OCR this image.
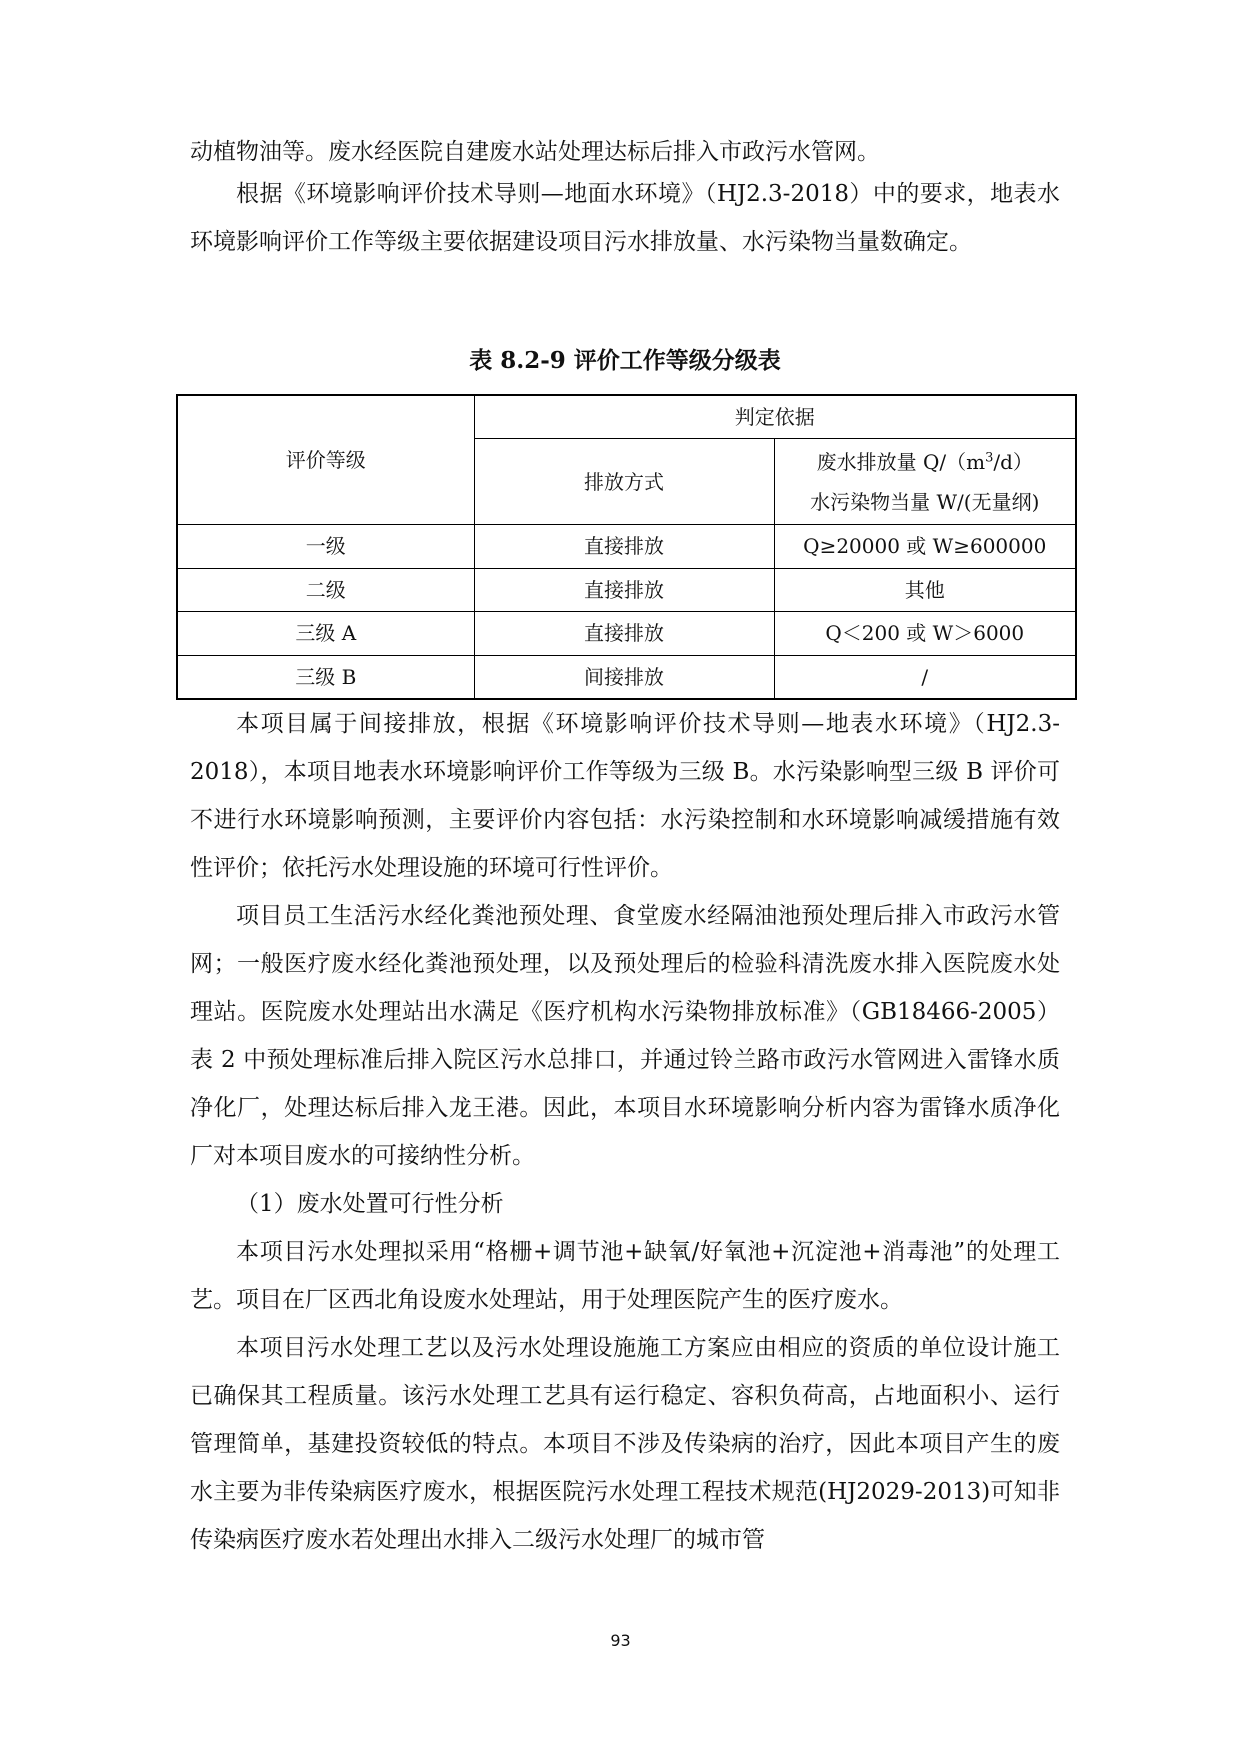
动植物油等。废水经医院自建废水站处理达标后排入市政污水管网。

根据《环境影响评价技术导则—地面水环境》（HJ2.3-2018）中的要求，地表水环境影响评价工作等级主要依据建设项目污水排放量、水污染物当量数确定。

表 8.2-9 评价工作等级分级表

评价等级	判定依据	
	排放方式	废水排放量 $Q/(m^3/d)$
水污染物当量 W/(无量纲)

一级	直接排放	Q≥20000 或 W≥600000
二级	直接排放	其他
三级 A	直接排放	Q＜200 或 W＞6000
三级 B	间接排放	/

本项目属于间接排放，根据《环境影响评价技术导则—地表水环境》（HJ2.3-2018），本项目地表水环境影响评价工作等级为三级 B。水污染影响型三级 B 评价可不进行水环境影响预测，主要评价内容包括：水污染控制和水环境影响减缓措施有效性评价；依托污水处理设施的环境可行性评价。

项目员工生活污水经化粪池预处理、食堂废水经隔油池预处理后排入市政污水管网；一般医疗废水经化粪池预处理，以及预处理后的检验科清洗废水排入医院废水处理站。医院废水处理站出水满足《医疗机构水污染物排放标准》（GB18466-2005）表 2 中预处理标准后排入院区污水总排口，并通过铃兰路市政污水管网进入雷锋水质净化厂，处理达标后排入龙王港。因此，本项目水环境影响分析内容为雷锋水质净化厂对本项目废水的可接纳性分析。

（1）废水处置可行性分析

本项目污水处理拟采用“格栅+调节池+缺氧/好氧池+沉淀池+消毒池”的处理工艺。项目在厂区西北角设废水处理站，用于处理医院产生的医疗废水。

本项目污水处理工艺以及污水处理设施施工方案应由相应的资质的单位设计施工已确保其工程质量。该污水处理工艺具有运行稳定、容积负荷高，占地面积小、运行管理简单，基建投资较低的特点。本项目不涉及传染病的治疗，因此本项目产生的废水主要为非传染病医疗废水，根据医院污水处理工程技术规范(HJ2029-2013)可知非传染病医疗废水若处理出水排入二级污水处理厂的城市管

93
